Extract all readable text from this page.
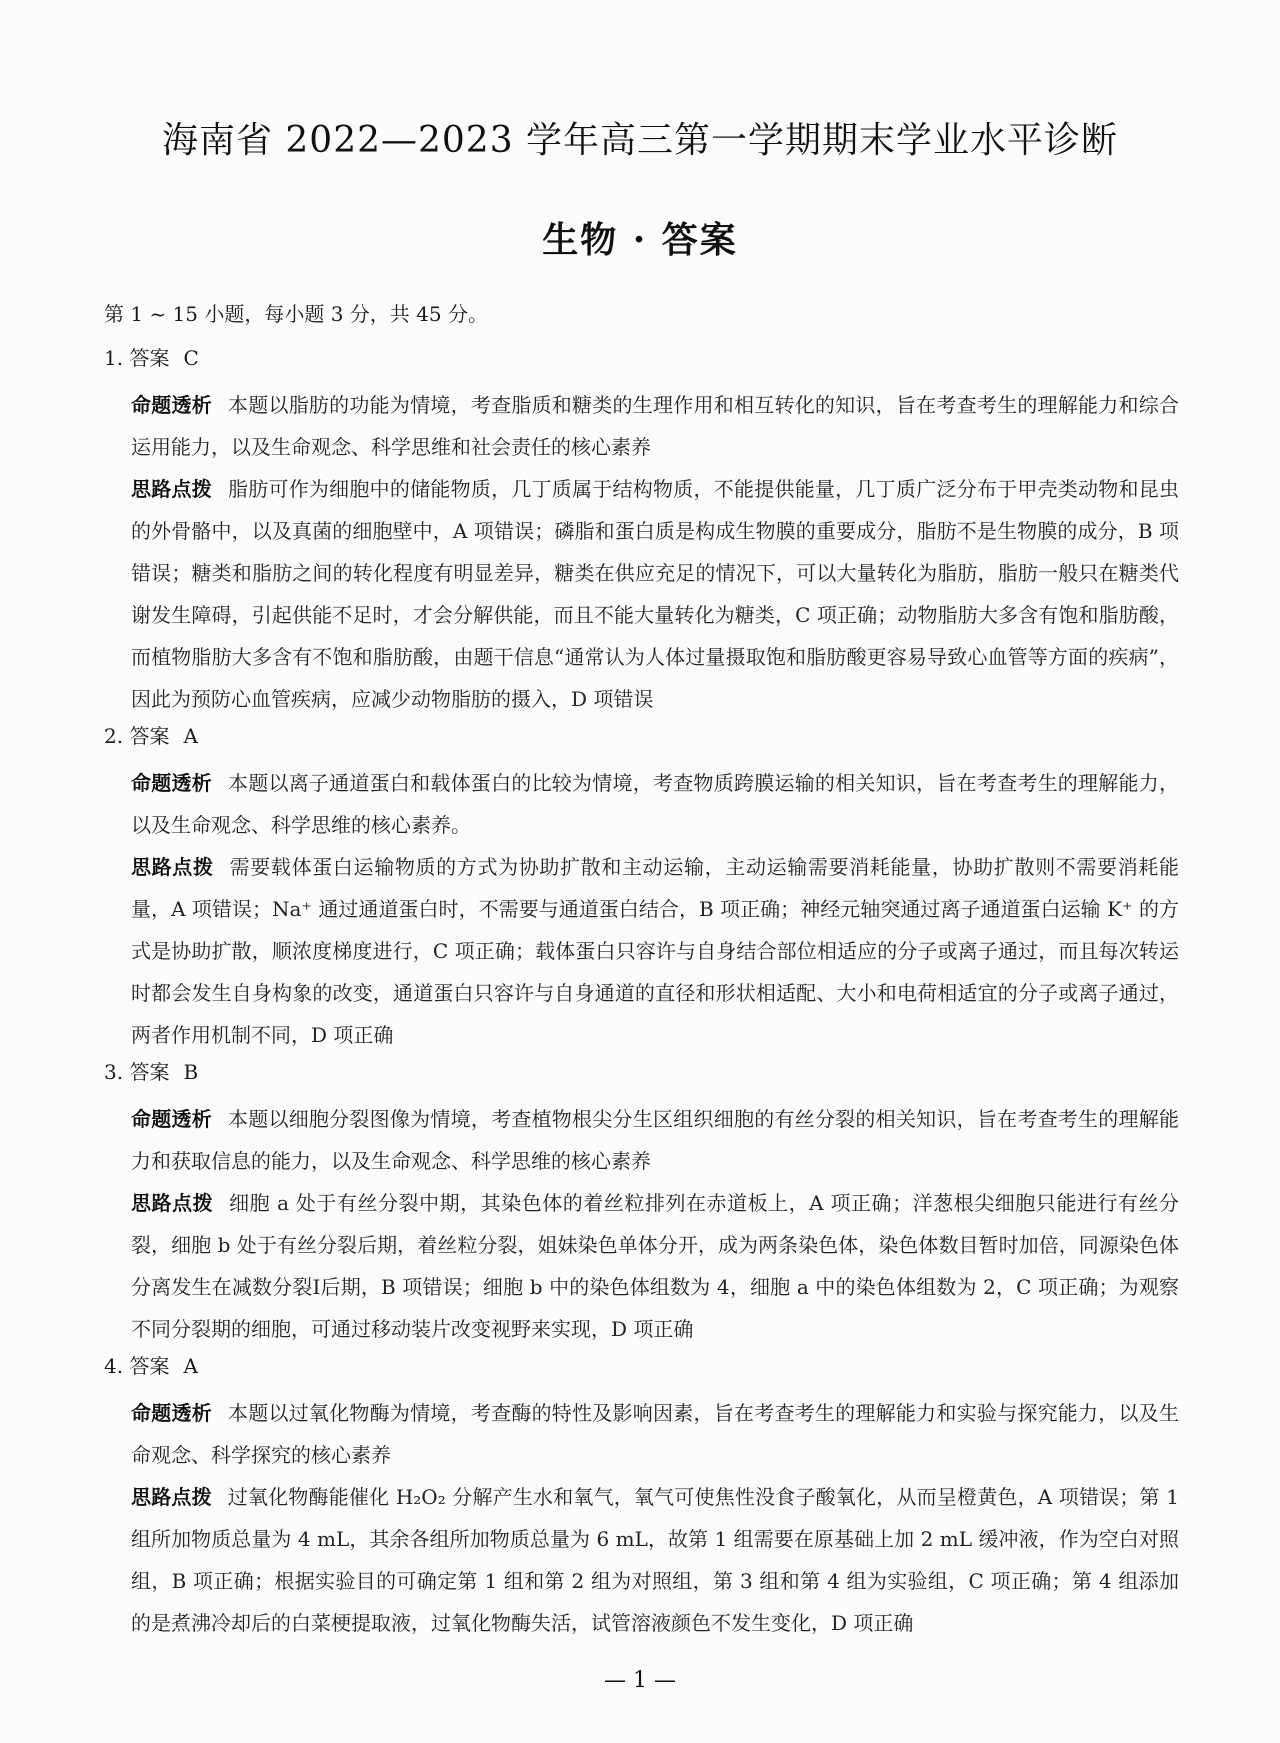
海南省 2022—2023 学年高三第一学期期末学业水平诊断
生物 · 答案
第 1 ~ 15 小题，每小题 3 分，共 45 分。
1. 答案 C
命题透析 本题以脂肪的功能为情境，考查脂质和糖类的生理作用和相互转化的知识，旨在考查考生的理解能力和综合运用能力，以及生命观念、科学思维和社会责任的核心素养
思路点拨 脂肪可作为细胞中的储能物质，几丁质属于结构物质，不能提供能量，几丁质广泛分布于甲壳类动物和昆虫的外骨骼中，以及真菌的细胞壁中，A 项错误；磷脂和蛋白质是构成生物膜的重要成分，脂肪不是生物膜的成分，B 项错误；糖类和脂肪之间的转化程度有明显差异，糖类在供应充足的情况下，可以大量转化为脂肪，脂肪一般只在糖类代谢发生障碍，引起供能不足时，才会分解供能，而且不能大量转化为糖类，C 项正确；动物脂肪大多含有饱和脂肪酸，而植物脂肪大多含有不饱和脂肪酸，由题干信息“通常认为人体过量摄取饱和脂肪酸更容易导致心血管等方面的疾病”，因此为预防心血管疾病，应减少动物脂肪的摄入，D 项错误
2. 答案 A
命题透析 本题以离子通道蛋白和载体蛋白的比较为情境，考查物质跨膜运输的相关知识，旨在考查考生的理解能力，以及生命观念、科学思维的核心素养。
思路点拨 需要载体蛋白运输物质的方式为协助扩散和主动运输，主动运输需要消耗能量，协助扩散则不需要消耗能量，A 项错误；Na⁺ 通过通道蛋白时，不需要与通道蛋白结合，B 项正确；神经元轴突通过离子通道蛋白运输 K⁺ 的方式是协助扩散，顺浓度梯度进行，C 项正确；载体蛋白只容许与自身结合部位相适应的分子或离子通过，而且每次转运时都会发生自身构象的改变，通道蛋白只容许与自身通道的直径和形状相适配、大小和电荷相适宜的分子或离子通过，两者作用机制不同，D 项正确
3. 答案 B
命题透析 本题以细胞分裂图像为情境，考查植物根尖分生区组织细胞的有丝分裂的相关知识，旨在考查考生的理解能力和获取信息的能力，以及生命观念、科学思维的核心素养
思路点拨 细胞 a 处于有丝分裂中期，其染色体的着丝粒排列在赤道板上，A 项正确；洋葱根尖细胞只能进行有丝分裂，细胞 b 处于有丝分裂后期，着丝粒分裂，姐妹染色单体分开，成为两条染色体，染色体数目暂时加倍，同源染色体分离发生在减数分裂Ⅰ后期，B 项错误；细胞 b 中的染色体组数为 4，细胞 a 中的染色体组数为 2，C 项正确；为观察不同分裂期的细胞，可通过移动装片改变视野来实现，D 项正确
4. 答案 A
命题透析 本题以过氧化物酶为情境，考查酶的特性及影响因素，旨在考查考生的理解能力和实验与探究能力，以及生命观念、科学探究的核心素养
思路点拨 过氧化物酶能催化 H₂O₂ 分解产生水和氧气，氧气可使焦性没食子酸氧化，从而呈橙黄色，A 项错误；第 1 组所加物质总量为 4 mL，其余各组所加物质总量为 6 mL，故第 1 组需要在原基础上加 2 mL 缓冲液，作为空白对照组，B 项正确；根据实验目的可确定第 1 组和第 2 组为对照组，第 3 组和第 4 组为实验组，C 项正确；第 4 组添加的是煮沸冷却后的白菜梗提取液，过氧化物酶失活，试管溶液颜色不发生变化，D 项正确
— 1 —
